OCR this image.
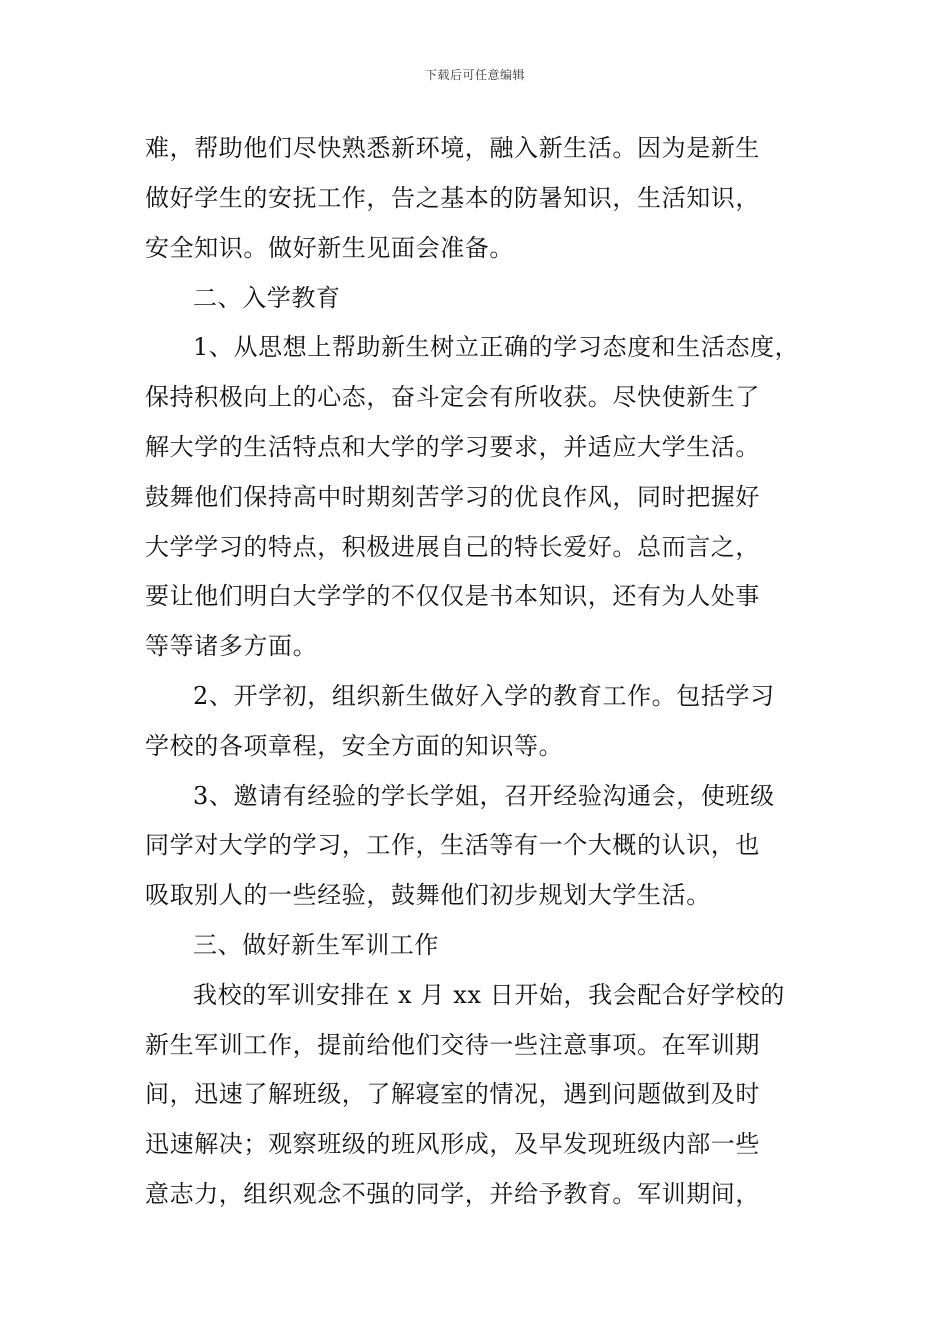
下载后可任意编辑
难，帮助他们尽快熟悉新环境，融入新生活。因为是新生
做好学生的安抚工作，告之基本的防暑知识，生活知识，
安全知识。做好新生见面会准备。
二、入学教育
1、从思想上帮助新生树立正确的学习态度和生活态度，
保持积极向上的心态，奋斗定会有所收获。尽快使新生了
解大学的生活特点和大学的学习要求，并适应大学生活。
鼓舞他们保持高中时期刻苦学习的优良作风，同时把握好
大学学习的特点，积极进展自己的特长爱好。总而言之，
要让他们明白大学学的不仅仅是书本知识，还有为人处事
等等诸多方面。
2、开学初，组织新生做好入学的教育工作。包括学习
学校的各项章程，安全方面的知识等。
3、邀请有经验的学长学姐，召开经验沟通会，使班级
同学对大学的学习，工作，生活等有一个大概的认识，也
吸取别人的一些经验，鼓舞他们初步规划大学生活。
三、做好新生军训工作
我校的军训安排在 x 月 xx 日开始，我会配合好学校的
新生军训工作，提前给他们交待一些注意事项。在军训期
间，迅速了解班级，了解寝室的情况，遇到问题做到及时
迅速解决；观察班级的班风形成，及早发现班级内部一些
意志力，组织观念不强的同学，并给予教育。军训期间，
